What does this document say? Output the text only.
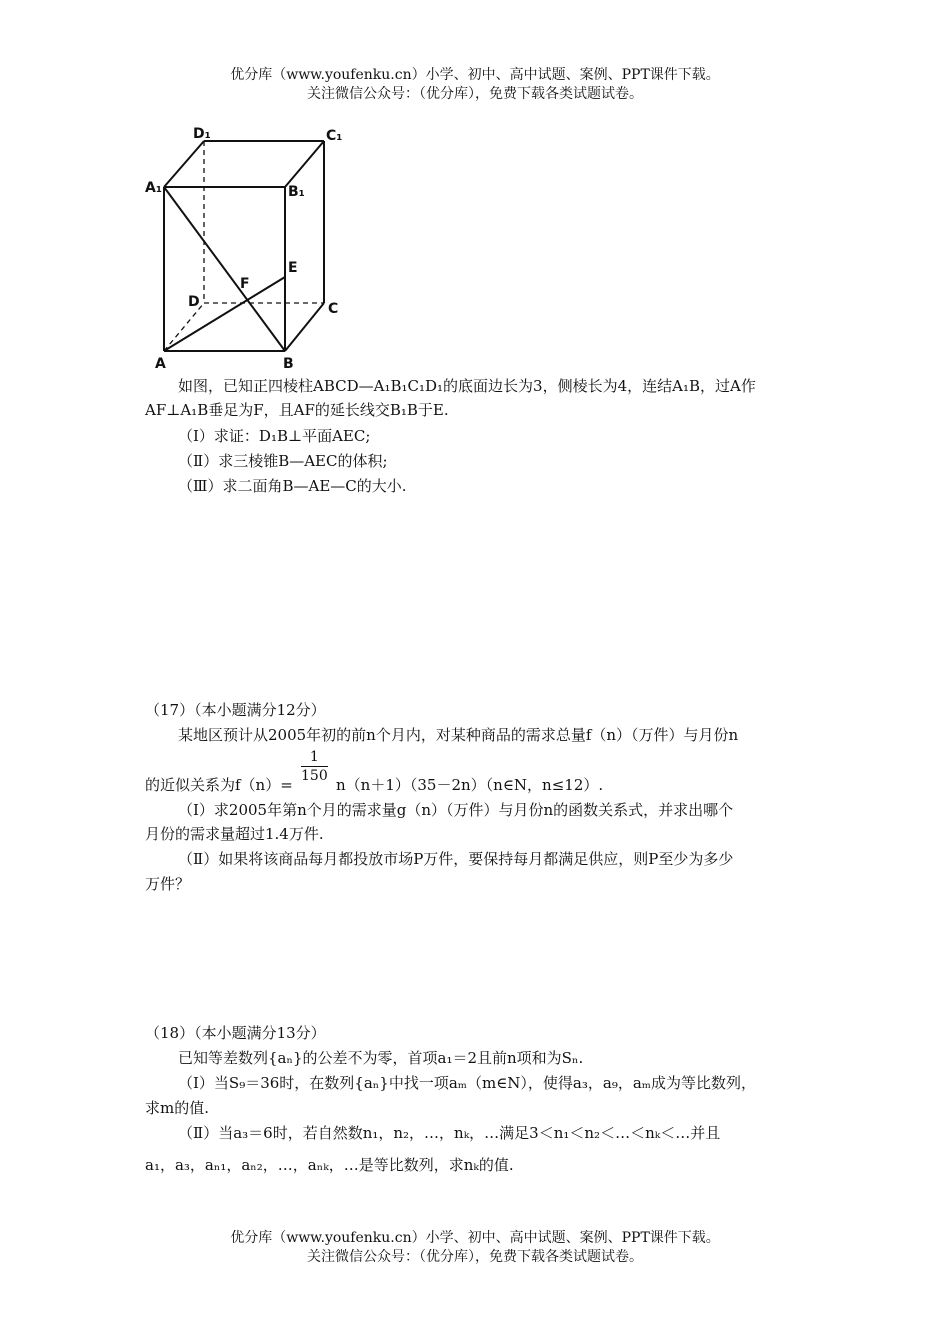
优分库（www.youfenku.cn）小学、初中、高中试题、案例、PPT课件下载。
关注微信公众号：（优分库），免费下载各类试题试卷。
D₁	C₁
A₁	B₁
E
F
D	C
A	B
如图，已知正四棱柱ABCD—A₁B₁C₁D₁的底面边长为3，侧棱长为4，连结A₁B，过A作
AF⊥A₁B垂足为F，且AF的延长线交B₁B于E.
（Ⅰ）求证：D₁B⊥平面AEC;
（Ⅱ）求三棱锥B—AEC的体积;
（Ⅲ）求二面角B—AE—C的大小.
（17）（本小题满分12分）
某地区预计从2005年初的前n个月内，对某种商品的需求总量f（n）（万件）与月份n
$\frac{1}{150}$
的近似关系为f（n）=	n（n＋1）（35－2n）（n∈N，n≤12）.
（Ⅰ）求2005年第n个月的需求量g（n）（万件）与月份n的函数关系式，并求出哪个
月份的需求量超过1.4万件.
（Ⅱ）如果将该商品每月都投放市场P万件，要保持每月都满足供应，则P至少为多少
万件？
（18）（本小题满分13分）
已知等差数列{aₙ}的公差不为零，首项a₁＝2且前n项和为Sₙ.
（Ⅰ）当S₉＝36时，在数列{aₙ}中找一项aₘ（m∈N），使得a₃，a₉，aₘ成为等比数列，
求m的值.
（Ⅱ）当a₃＝6时，若自然数n₁，n₂，…，nₖ，…满足3＜n₁＜n₂＜…＜nₖ＜…并且
a₁，a₃，aₙ₁，aₙ₂，…，aₙₖ，…是等比数列，求nₖ的值.
优分库（www.youfenku.cn）小学、初中、高中试题、案例、PPT课件下载。
关注微信公众号：（优分库），免费下载各类试题试卷。
